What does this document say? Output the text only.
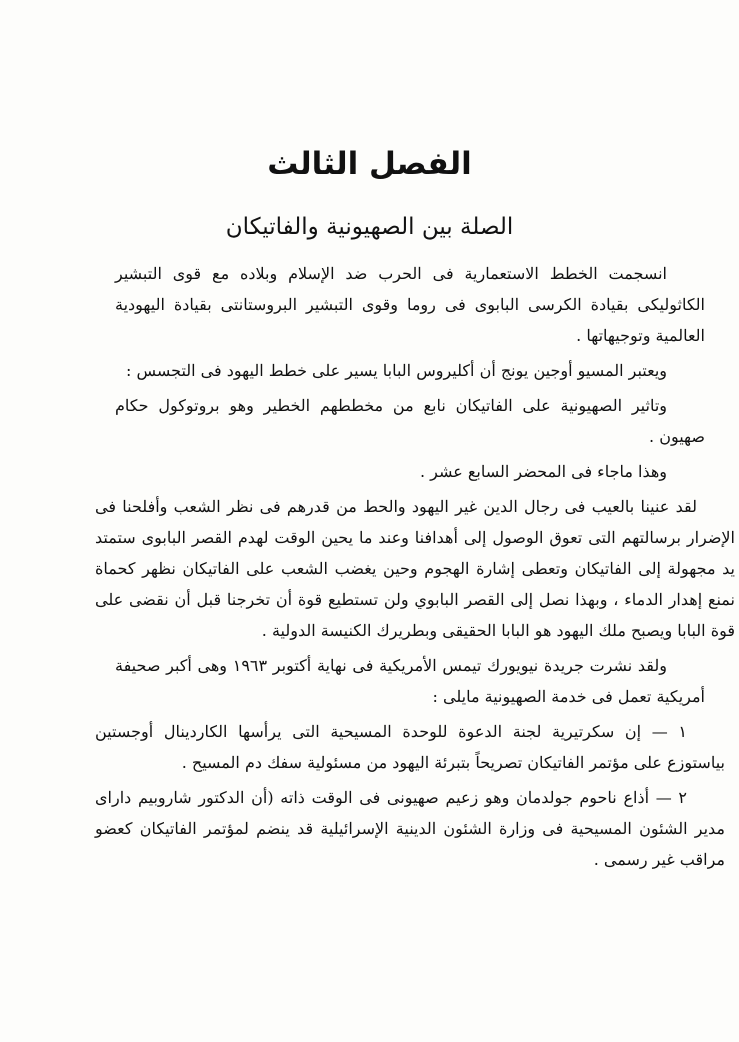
الفصل الثالث
الصلة بين الصهيونية والفاتيكان

انسجمت الخطط الاستعمارية فى الحرب ضد الإسلام وبلاده مع قوى التبشير الكاثوليكى بقيادة الكرسى البابوى فى روما وقوى التبشير البروستانتى بقيادة اليهودية العالمية وتوجيهاتها .

ويعتبر المسيو أوجين يونج أن أكليروس البابا يسير على خطط اليهود فى التجسس :

وتاثير الصهيونية على الفاتيكان نابع من مخططهم الخطير وهو بروتوكول حكام صهيون .

وهذا ماجاء فى المحضر السابع عشر .

لقد عنينا بالعيب فى رجال الدين غير اليهود والحط من قدرهم فى نظر الشعب وأفلحنا فى الإضرار برسالتهم التى تعوق الوصول إلى أهدافنا وعند ما يحين الوقت لهدم القصر البابوى ستمتد يد مجهولة إلى الفاتيكان وتعطى إشارة الهجوم وحين يغضب الشعب على الفاتيكان نظهر كحماة نمنع إهدار الدماء ، وبهذا نصل إلى القصر البابوي ولن تستطيع قوة أن تخرجنا قبل أن نقضى على قوة البابا ويصبح ملك اليهود هو البابا الحقيقى وبطريرك الكنيسة الدولية .

ولقد نشرت جريدة نيويورك تيمس الأمريكية فى نهاية أكتوبر ١٩٦٣ وهى أكبر صحيفة أمريكية تعمل فى خدمة الصهيونية مايلى :

١ — إن سكرتيرية لجنة الدعوة للوحدة المسيحية التى يرأسها الكاردينال أوجستين بياستوزع على مؤتمر الفاتيكان تصريحاً بتبرئة اليهود من مسئولية سفك دم المسيح .

٢ — أذاع ناحوم جولدمان وهو زعيم صهيونى فى الوقت ذاته (أن الدكتور شاروبيم داراى مدير الشئون المسيحية فى وزارة الشئون الدينية الإسرائيلية قد ينضم لمؤتمر الفاتيكان كعضو مراقب غير رسمى .
